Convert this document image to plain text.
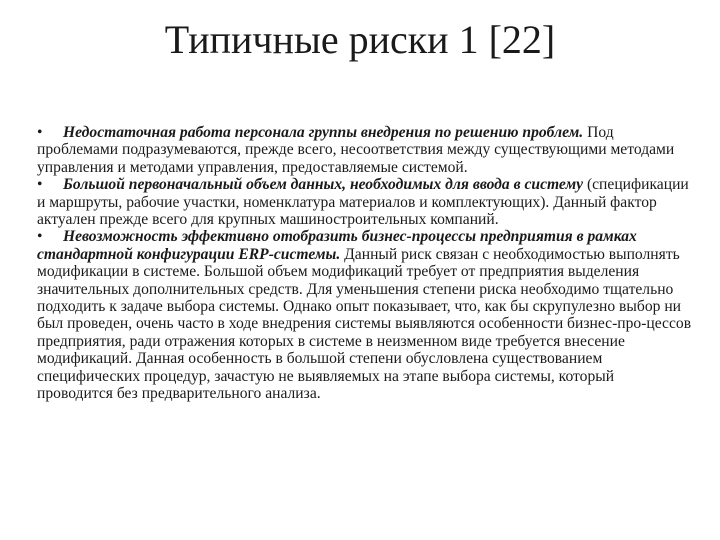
Типичные риски 1 [22]

• Недостаточная работа персонала группы внедрения по решению проблем. Под проблемами подразумеваются, прежде всего, несоответствия между существующими методами управления и методами управления, предоставляемые системой.

• Большой первоначальный объем данных, необходимых для ввода в систему (спецификации и маршруты, рабочие участки, номенклатура материалов и комплектующих). Данный фактор актуален прежде всего для крупных машиностроительных компаний.

• Невозможность эффективно отобразить бизнес-процессы предприятия в рамках стандартной конфигурации ERP-системы. Данный риск связан с необходимостью выполнять модификации в системе. Большой объем модификаций требует от предприятия выделения значительных дополнительных средств. Для уменьшения степени риска необходимо тщательно подходить к задаче выбора системы. Однако опыт показывает, что, как бы скрупулезно выбор ни был проведен, очень часто в ходе внедрения системы выявляются особенности бизнес-про-цессов предприятия, ради отражения которых в системе в неизменном виде требуется внесение модификаций. Данная особенность в большой степени обусловлена существованием специфических процедур, зачастую не выявляемых на этапе выбора системы, который проводится без предварительного анализа.
